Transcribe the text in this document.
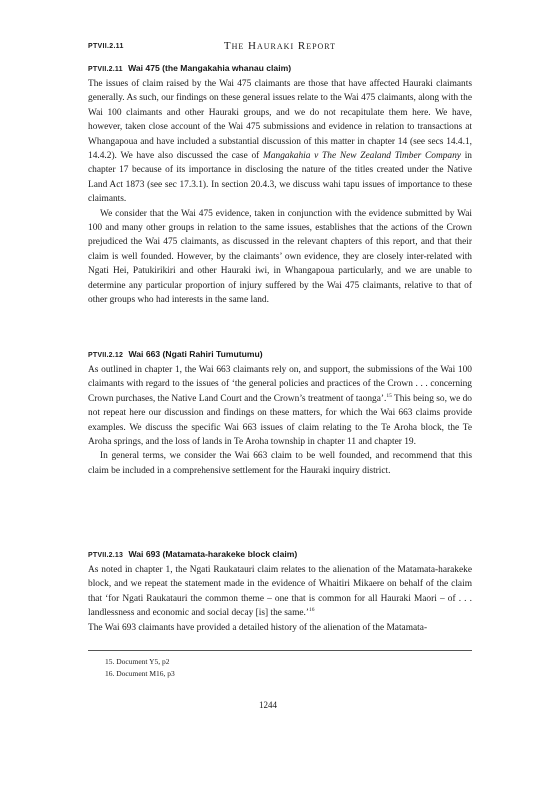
PTVII.2.11	The Hauraki Report
PTVII.2.11 Wai 475 (the Mangakahia whanau claim)

The issues of claim raised by the Wai 475 claimants are those that have affected Hauraki claimants generally. As such, our findings on these general issues relate to the Wai 475 claimants, along with the Wai 100 claimants and other Hauraki groups, and we do not recapitulate them here. We have, however, taken close account of the Wai 475 submissions and evidence in relation to transactions at Whangapoua and have included a substantial discussion of this matter in chapter 14 (see secs 14.4.1, 14.4.2). We have also discussed the case of Mangakahia v The New Zealand Timber Company in chapter 17 because of its importance in disclosing the nature of the titles created under the Native Land Act 1873 (see sec 17.3.1). In section 20.4.3, we discuss wahi tapu issues of importance to these claimants.

We consider that the Wai 475 evidence, taken in conjunction with the evidence submitted by Wai 100 and many other groups in relation to the same issues, establishes that the actions of the Crown prejudiced the Wai 475 claimants, as discussed in the relevant chapters of this report, and that their claim is well founded. However, by the claimants’ own evidence, they are closely inter-related with Ngati Hei, Patukirikiri and other Hauraki iwi, in Whangapoua particularly, and we are unable to determine any particular proportion of injury suffered by the Wai 475 claimants, relative to that of other groups who had interests in the same land.

PTVII.2.12 Wai 663 (Ngati Rahiri Tumutumu)

As outlined in chapter 1, the Wai 663 claimants rely on, and support, the submissions of the Wai 100 claimants with regard to the issues of ‘the general policies and practices of the Crown . . . concerning Crown purchases, the Native Land Court and the Crown’s treatment of taonga’.$^{15}$ This being so, we do not repeat here our discussion and findings on these matters, for which the Wai 663 claims provide examples. We discuss the specific Wai 663 issues of claim relating to the Te Aroha block, the Te Aroha springs, and the loss of lands in Te Aroha township in chapter 11 and chapter 19.

In general terms, we consider the Wai 663 claim to be well founded, and recommend that this claim be included in a comprehensive settlement for the Hauraki inquiry district.

PTVII.2.13 Wai 693 (Matamata-harakeke block claim)

As noted in chapter 1, the Ngati Raukatauri claim relates to the alienation of the Matamata-harakeke block, and we repeat the statement made in the evidence of Whaitiri Mikaere on behalf of the claim that ‘for Ngati Raukatauri the common theme – one that is common for all Hauraki Maori – of . . . landlessness and economic and social decay [is] the same.’$^{16}$

The Wai 693 claimants have provided a detailed history of the alienation of the Matamata-

15. Document Y5, p2
16. Document M16, p3
1244
